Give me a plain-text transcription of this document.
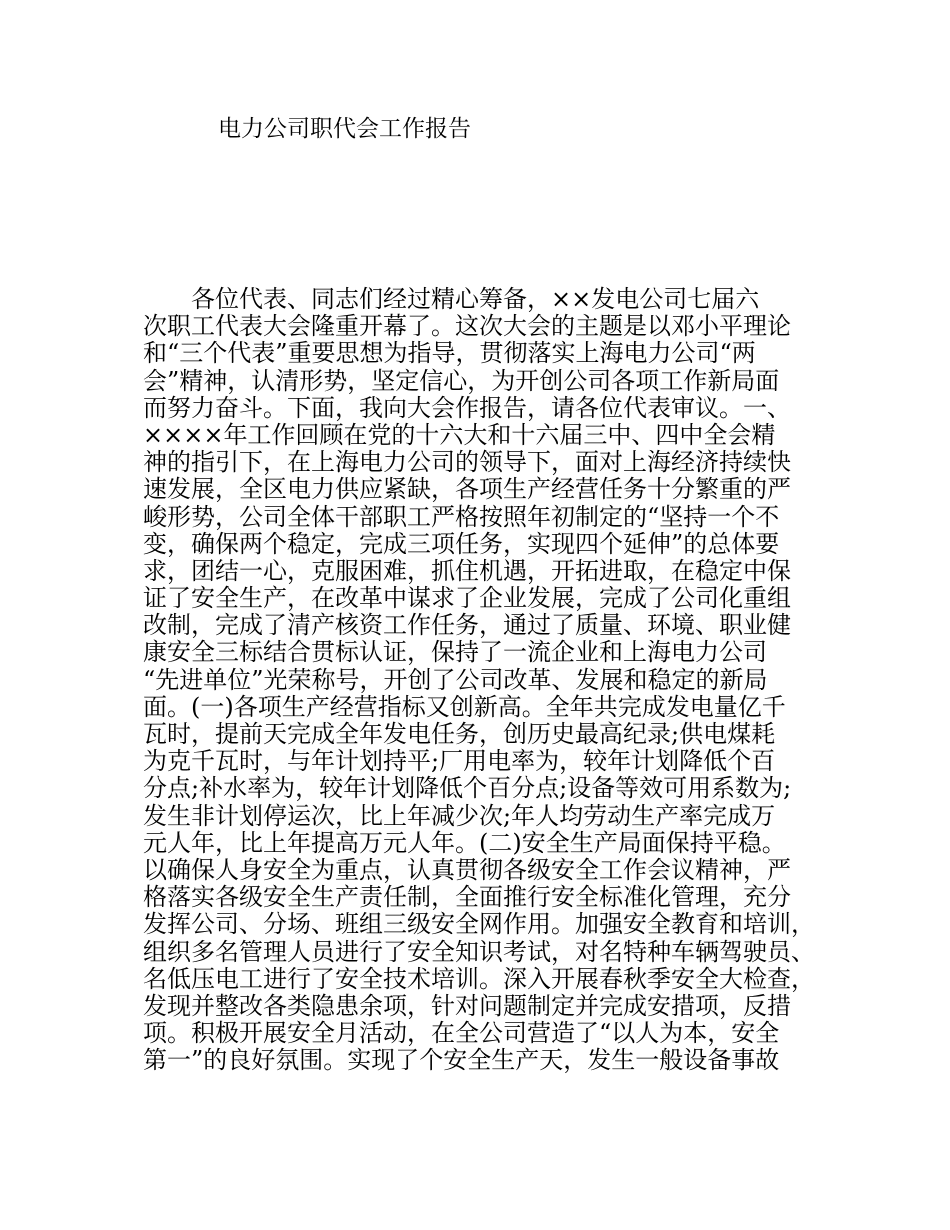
电力公司职代会工作报告
　　各位代表、同志们经过精心筹备，××发电公司七届六
次职工代表大会隆重开幕了。这次大会的主题是以邓小平理论
和“三个代表”重要思想为指导，贯彻落实上海电力公司“两
会”精神，认清形势，坚定信心，为开创公司各项工作新局面
而努力奋斗。下面，我向大会作报告，请各位代表审议。一、
××××年工作回顾在党的十六大和十六届三中、四中全会精
神的指引下，在上海电力公司的领导下，面对上海经济持续快
速发展，全区电力供应紧缺，各项生产经营任务十分繁重的严
峻形势，公司全体干部职工严格按照年初制定的“坚持一个不
变，确保两个稳定，完成三项任务，实现四个延伸”的总体要
求，团结一心，克服困难，抓住机遇，开拓进取，在稳定中保
证了安全生产，在改革中谋求了企业发展，完成了公司化重组
改制，完成了清产核资工作任务，通过了质量、环境、职业健
康安全三标结合贯标认证，保持了一流企业和上海电力公司
“先进单位”光荣称号，开创了公司改革、发展和稳定的新局
面。(一)各项生产经营指标又创新高。全年共完成发电量亿千
瓦时，提前天完成全年发电任务，创历史最高纪录;供电煤耗
为克千瓦时，与年计划持平;厂用电率为，较年计划降低个百
分点;补水率为，较年计划降低个百分点;设备等效可用系数为;
发生非计划停运次，比上年减少次;年人均劳动生产率完成万
元人年，比上年提高万元人年。(二)安全生产局面保持平稳。
以确保人身安全为重点，认真贯彻各级安全工作会议精神，严
格落实各级安全生产责任制，全面推行安全标准化管理，充分
发挥公司、分场、班组三级安全网作用。加强安全教育和培训，
组织多名管理人员进行了安全知识考试，对名特种车辆驾驶员、
名低压电工进行了安全技术培训。深入开展春秋季安全大检查，
发现并整改各类隐患余项，针对问题制定并完成安措项，反措
项。积极开展安全月活动，在全公司营造了“以人为本，安全
第一”的良好氛围。实现了个安全生产天，发生一般设备事故
